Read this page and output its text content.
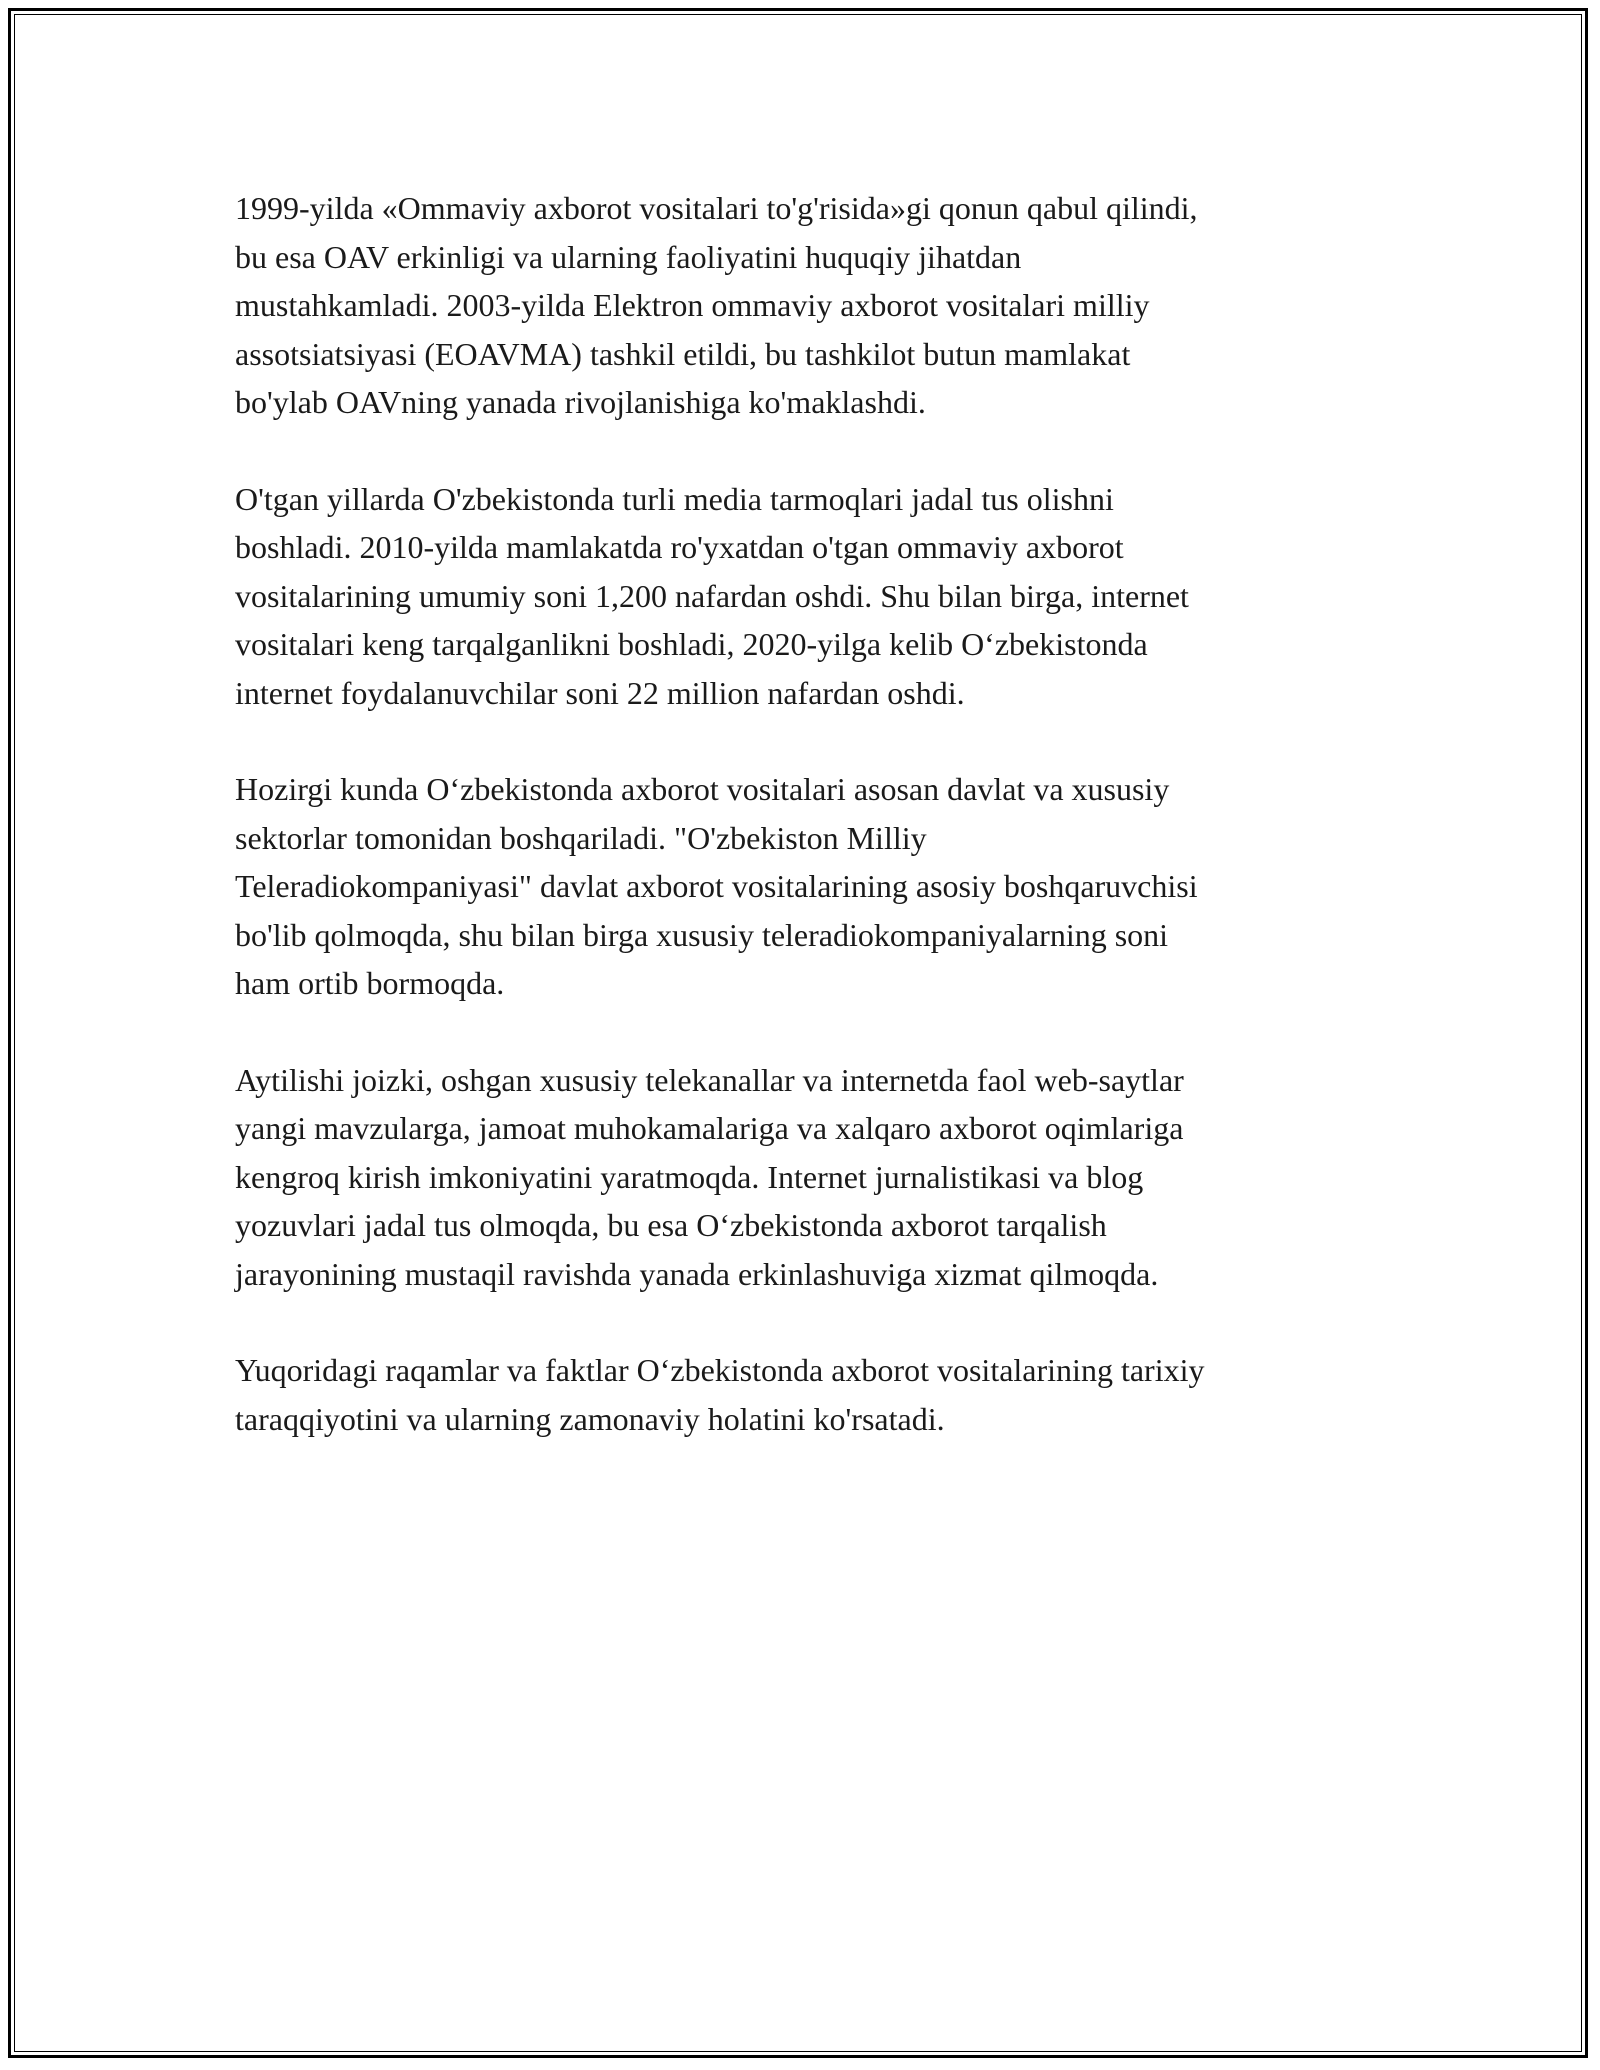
1999-yilda «Ommaviy axborot vositalari to'g'risida»gi qonun qabul qilindi,
bu esa OAV erkinligi va ularning faoliyatini huquqiy jihatdan
mustahkamladi. 2003-yilda Elektron ommaviy axborot vositalari milliy
assotsiatsiyasi (EOAVMA) tashkil etildi, bu tashkilot butun mamlakat
bo'ylab OAVning yanada rivojlanishiga ko'maklashdi.

O'tgan yillarda O'zbekistonda turli media tarmoqlari jadal tus olishni
boshladi. 2010-yilda mamlakatda ro'yxatdan o'tgan ommaviy axborot
vositalarining umumiy soni 1,200 nafardan oshdi. Shu bilan birga, internet
vositalari keng tarqalganlikni boshladi, 2020-yilga kelib Oʻzbekistonda
internet foydalanuvchilar soni 22 million nafardan oshdi.

Hozirgi kunda Oʻzbekistonda axborot vositalari asosan davlat va xususiy
sektorlar tomonidan boshqariladi. "O'zbekiston Milliy
Teleradiokompaniyasi" davlat axborot vositalarining asosiy boshqaruvchisi
bo'lib qolmoqda, shu bilan birga xususiy teleradiokompaniyalarning soni
ham ortib bormoqda.

Aytilishi joizki, oshgan xususiy telekanallar va internetda faol web-saytlar
yangi mavzularga, jamoat muhokamalariga va xalqaro axborot oqimlariga
kengroq kirish imkoniyatini yaratmoqda. Internet jurnalistikasi va blog
yozuvlari jadal tus olmoqda, bu esa Oʻzbekistonda axborot tarqalish
jarayonining mustaqil ravishda yanada erkinlashuviga xizmat qilmoqda.

Yuqoridagi raqamlar va faktlar Oʻzbekistonda axborot vositalarining tarixiy
taraqqiyotini va ularning zamonaviy holatini ko'rsatadi.
